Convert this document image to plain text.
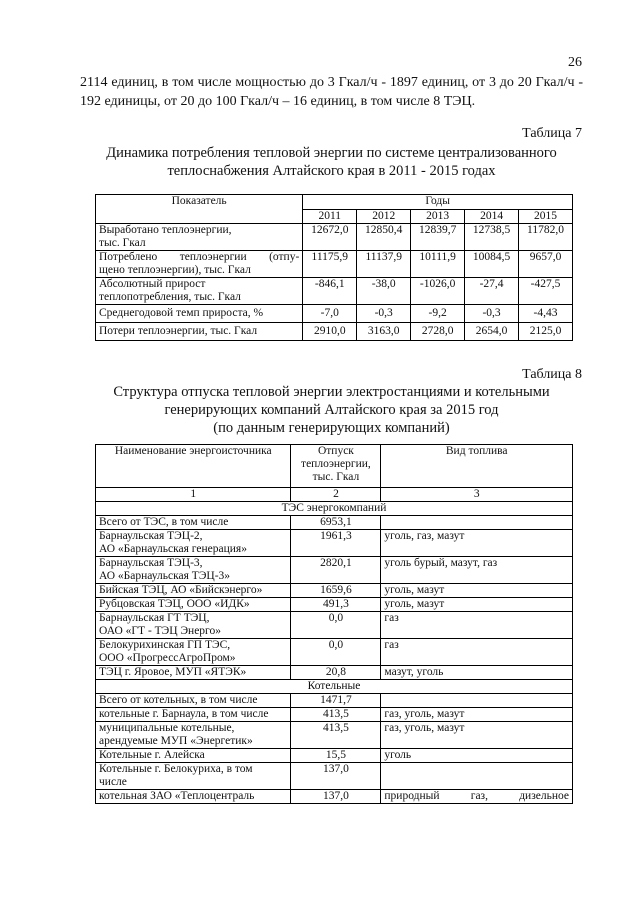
26
2114 единиц, в том числе мощностью до 3 Гкал/ч - 1897 единиц, от 3 до 20 Гкал/ч - 192 единицы, от 20 до 100 Гкал/ч – 16 единиц, в том числе 8 ТЭЦ.
Таблица 7
Динамика потребления тепловой энергии по системе централизованного
теплоснабжения Алтайского края в 2011 - 2015 годах
Показатель	Годы				
	2011	2012	2013	2014	2015

Выработано теплоэнергии,
тыс. Гкал	12672,0	12850,4	12839,7	12738,5	11782,0

Потреблено теплоэнергии (отпу-
щено теплоэнергии), тыс. Гкал	11175,9	11137,9	10111,9	10084,5	9657,0

Абсолютный прирост
теплопотребления, тыс. Гкал	-846,1	-38,0	-1026,0	-27,4	-427,5
Среднегодовой темп прироста, %	-7,0	-0,3	-9,2	-0,3	-4,43
Потери теплоэнергии, тыс. Гкал	2910,0	3163,0	2728,0	2654,0	2125,0
Таблица 8
Структура отпуска тепловой энергии электростанциями и котельными
генерирующих компаний Алтайского края за 2015 год
(по данным генерирующих компаний)
Наименование энергоисточника	Отпуск
теплоэнергии,
тыс. Гкал	Вид топлива
1	2	3
ТЭС энергокомпаний		
Всего от ТЭС, в том числе	6953,1	

Барнаульская ТЭЦ-2,
АО «Барнаульская генерация»	1961,3	уголь, газ, мазут

Барнаульская ТЭЦ-3,
АО «Барнаульская ТЭЦ-3»	2820,1	уголь бурый, мазут, газ
Бийская ТЭЦ, АО «Бийскэнерго»	1659,6	уголь, мазут
Рубцовская ТЭЦ, ООО «ИДК»	491,3	уголь, мазут

Барнаульская ГТ ТЭЦ,
ОАО «ГТ - ТЭЦ Энерго»	0,0	газ

Белокурихинская ГП ТЭС,
ООО «ПрогрессАгроПром»	0,0	газ
ТЭЦ г. Яровое, МУП «ЯТЭК»	20,8	мазут, уголь
Котельные		
Всего от котельных, в том числе	1471,7	
котельные г. Барнаула, в том числе	413,5	газ, уголь, мазут

муниципальные котельные,
арендуемые МУП «Энергетик»	413,5	газ, уголь, мазут
Котельные г. Алейска	15,5	уголь

Котельные г. Белокуриха, в том
числе	137,0	
котельная ЗАО «Теплоцентраль	137,0	природный газ, дизельное
